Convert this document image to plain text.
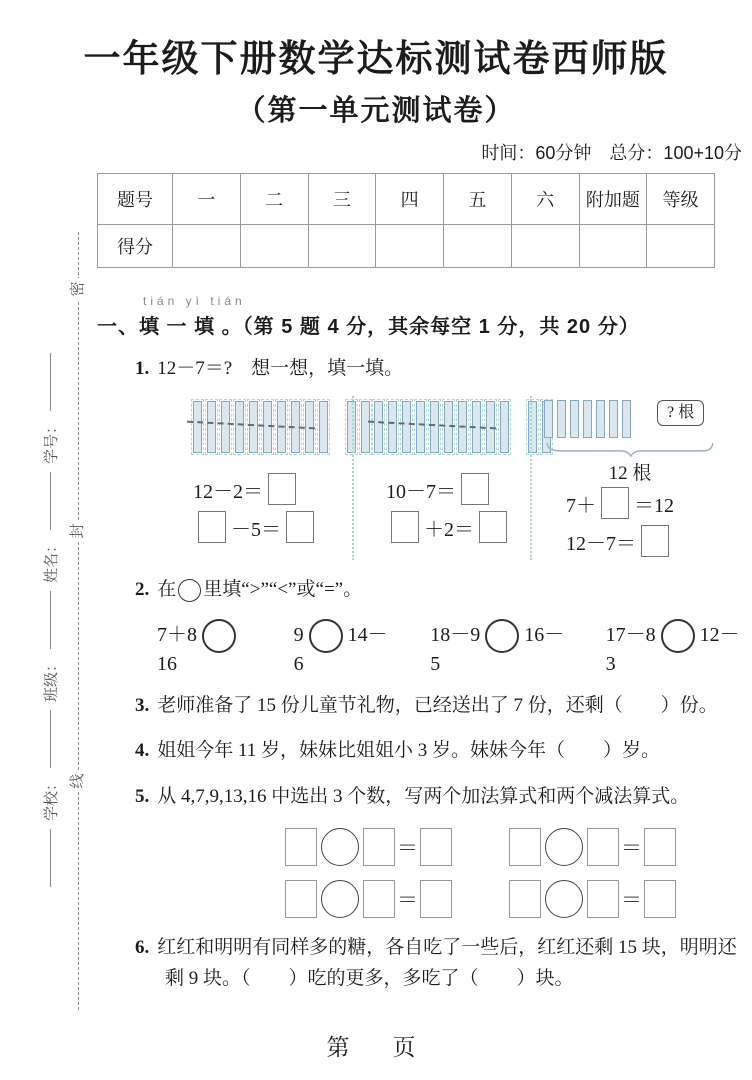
密
封
线
学校：
班级：
姓名：
学号：
一年级下册数学达标测试卷西师版
（第一单元测试卷）
时间：60分钟　总分：100+10分
题号	一	二	三	四	五	六	附加题	等级
得分								
tián yì tián
一、填 一 填 。（第 5 题 4 分，其余每空 1 分，共 20 分）
1. 12－7＝?　想一想，填一填。
12－2＝
－5＝
10－7＝
＋2＝
? 根
12 根
7＋ ＝12
12－7＝
2. 在 里填“>”“<”或“=”。
7＋816
9 14－6
18－9 16－5
17－8 12－3
3. 老师准备了 15 份儿童节礼物，已经送出了 7 份，还剩（　　）份。
4. 姐姐今年 11 岁，妹妹比姐姐小 3 岁。妹妹今年（　　）岁。
5. 从 4,7,9,13,16 中选出 3 个数，写两个加法算式和两个减法算式。
＝	＝
＝	＝
6. 红红和明明有同样多的糖，各自吃了一些后，红红还剩 15 块，明明还剩 9 块。（　　）吃的更多，多吃了（　　）块。
第　页
